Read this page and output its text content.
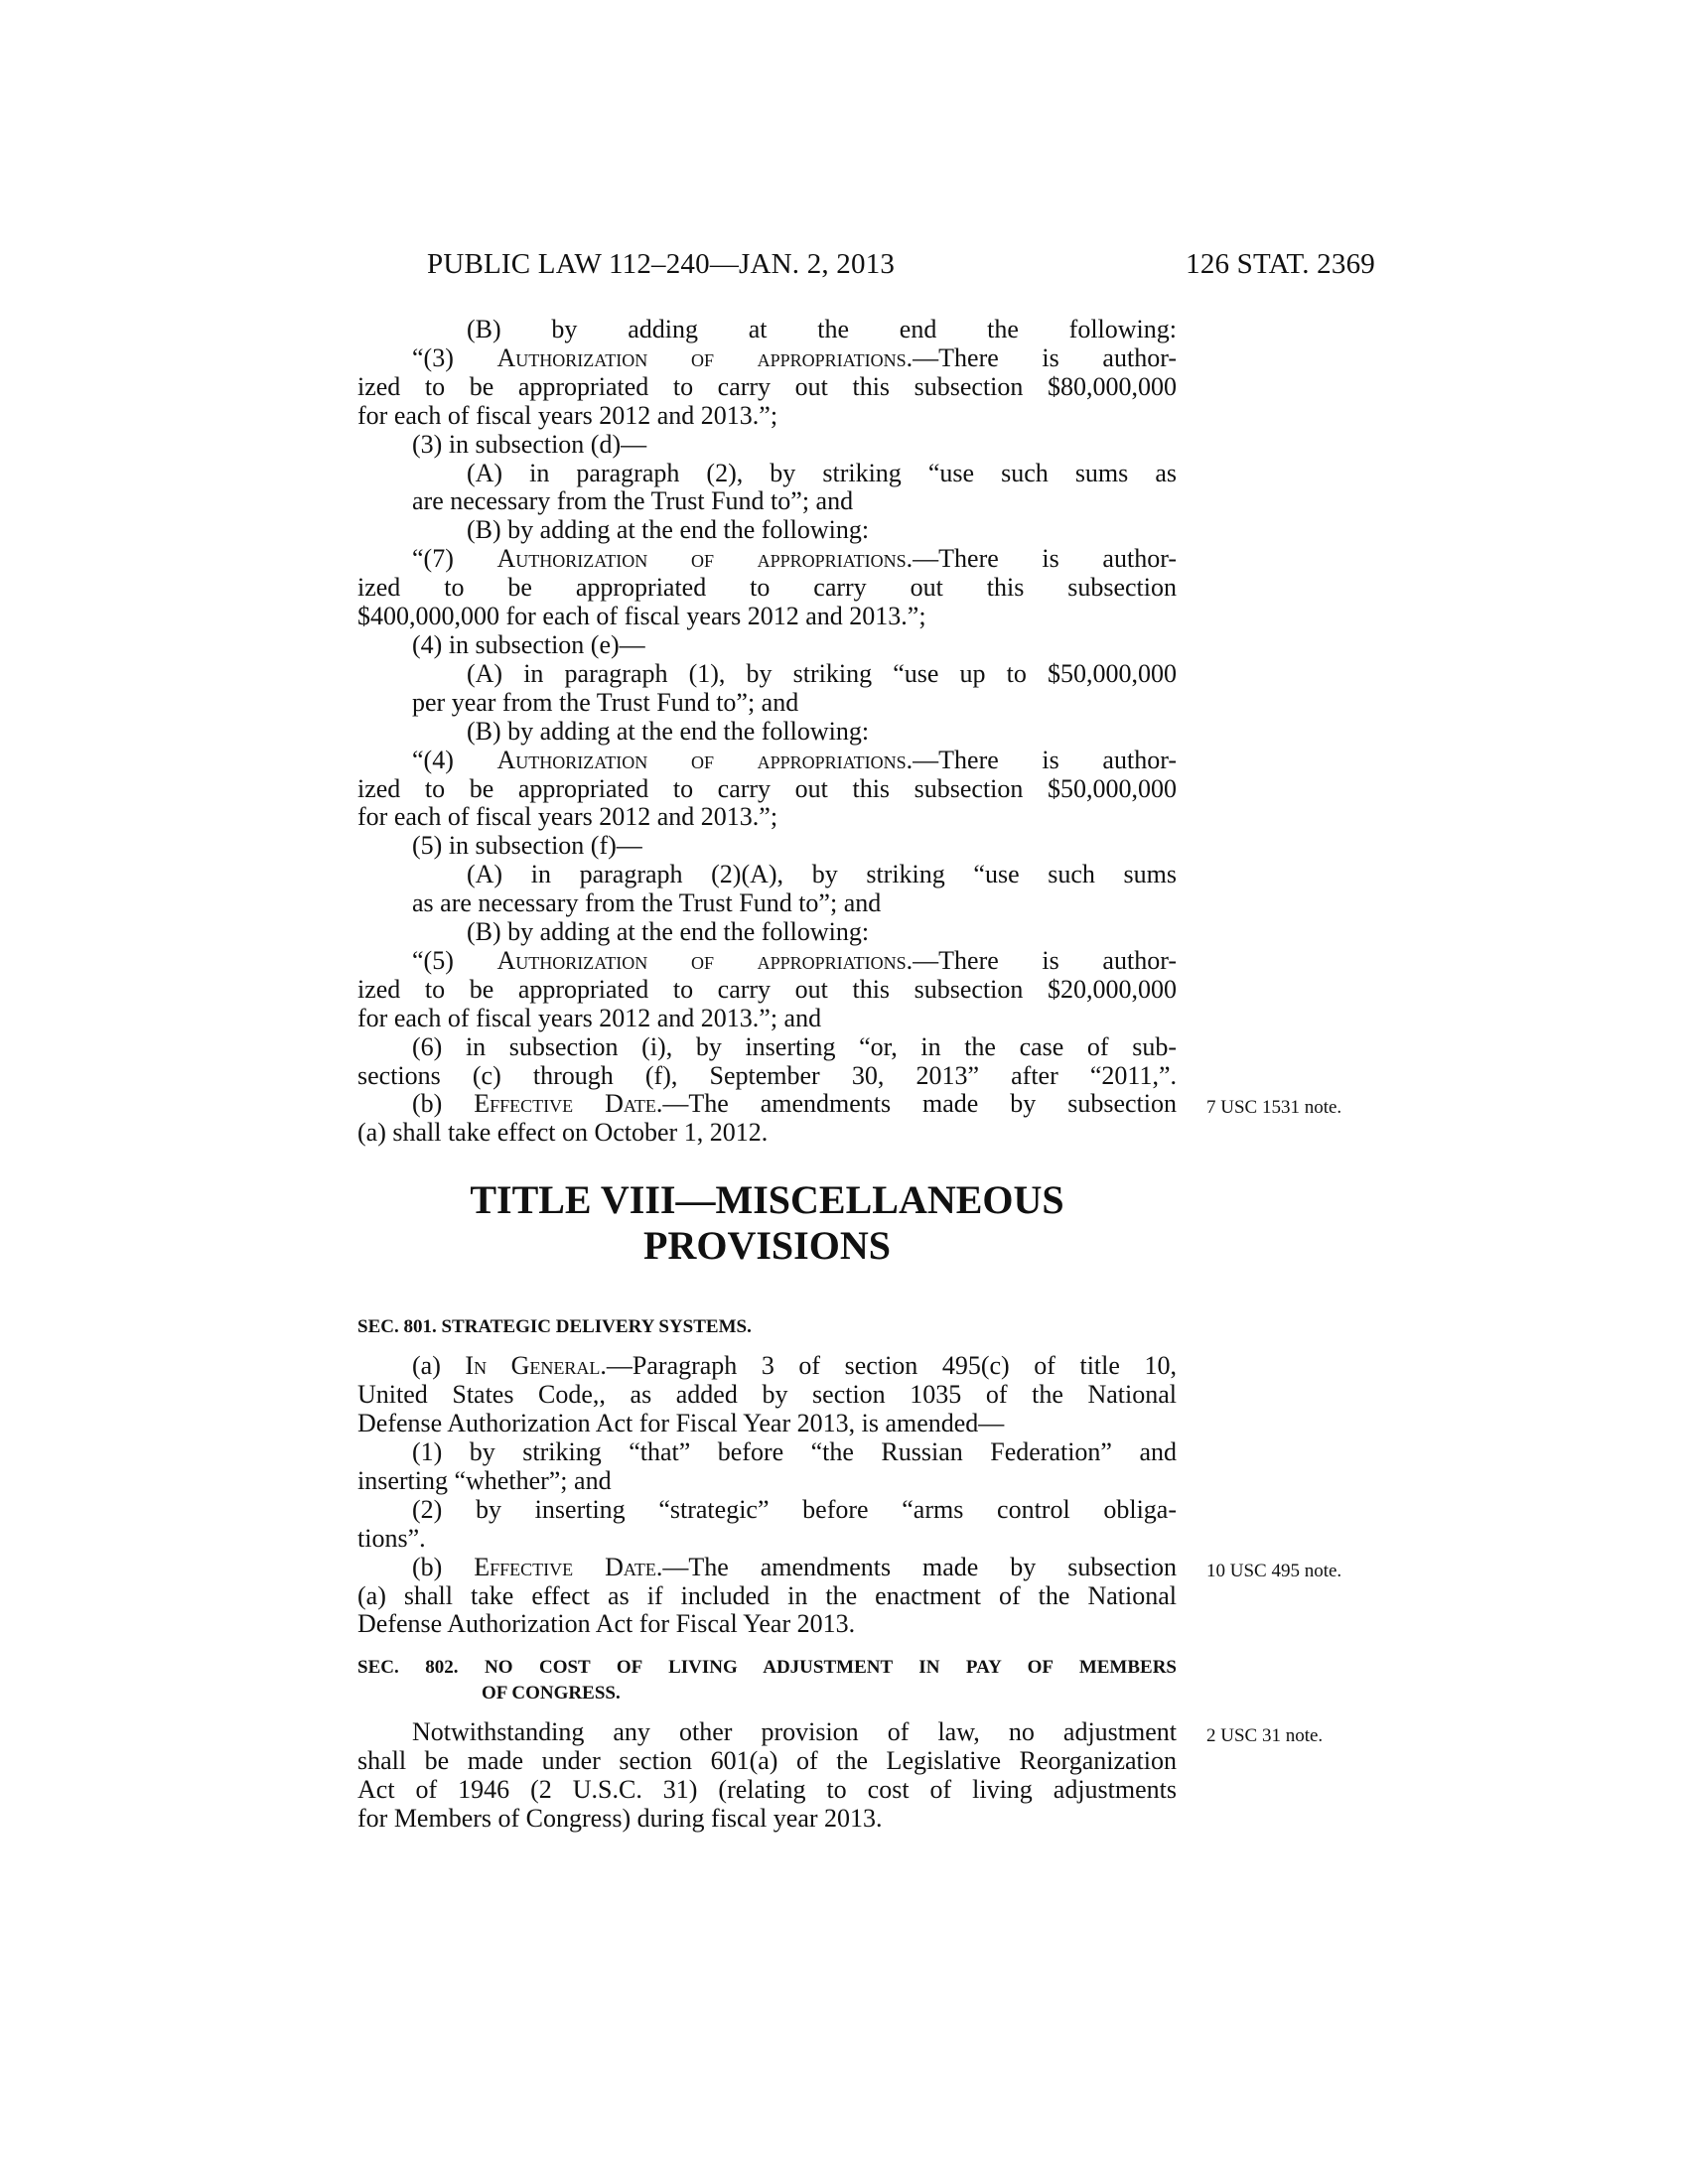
PUBLIC LAW 112–240—JAN. 2, 2013	126 STAT. 2369
(B) by adding at the end the following:
“(3) Authorization of appropriations.—There is author-
ized to be appropriated to carry out this subsection $80,000,000
for each of fiscal years 2012 and 2013.”;
(3) in subsection (d)—
(A) in paragraph (2), by striking “use such sums as
are necessary from the Trust Fund to”; and
(B) by adding at the end the following:
“(7) Authorization of appropriations.—There is author-
ized to be appropriated to carry out this subsection
$400,000,000 for each of fiscal years 2012 and 2013.”;
(4) in subsection (e)—
(A) in paragraph (1), by striking “use up to $50,000,000
per year from the Trust Fund to”; and
(B) by adding at the end the following:
“(4) Authorization of appropriations.—There is author-
ized to be appropriated to carry out this subsection $50,000,000
for each of fiscal years 2012 and 2013.”;
(5) in subsection (f)—
(A) in paragraph (2)(A), by striking “use such sums
as are necessary from the Trust Fund to”; and
(B) by adding at the end the following:
“(5) Authorization of appropriations.—There is author-
ized to be appropriated to carry out this subsection $20,000,000
for each of fiscal years 2012 and 2013.”; and
(6) in subsection (i), by inserting “or, in the case of sub-
sections (c) through (f), September 30, 2013” after “2011,”.
(b) Effective Date.—The amendments made by subsection 7 USC 1531 note.
(a) shall take effect on October 1, 2012.
TITLE VIII—MISCELLANEOUS
PROVISIONS
SEC. 801. STRATEGIC DELIVERY SYSTEMS.
(a) In General.—Paragraph 3 of section 495(c) of title 10,
United States Code,, as added by section 1035 of the National
Defense Authorization Act for Fiscal Year 2013, is amended—
(1) by striking “that” before “the Russian Federation” and
inserting “whether”; and
(2) by inserting “strategic” before “arms control obliga-
tions”.
(b) Effective Date.—The amendments made by subsection 10 USC 495 note.
(a) shall take effect as if included in the enactment of the National
Defense Authorization Act for Fiscal Year 2013.
SEC. 802. NO COST OF LIVING ADJUSTMENT IN PAY OF MEMBERS
OF CONGRESS.
Notwithstanding any other provision of law, no adjustment 2 USC 31 note.
shall be made under section 601(a) of the Legislative Reorganization
Act of 1946 (2 U.S.C. 31) (relating to cost of living adjustments
for Members of Congress) during fiscal year 2013.
